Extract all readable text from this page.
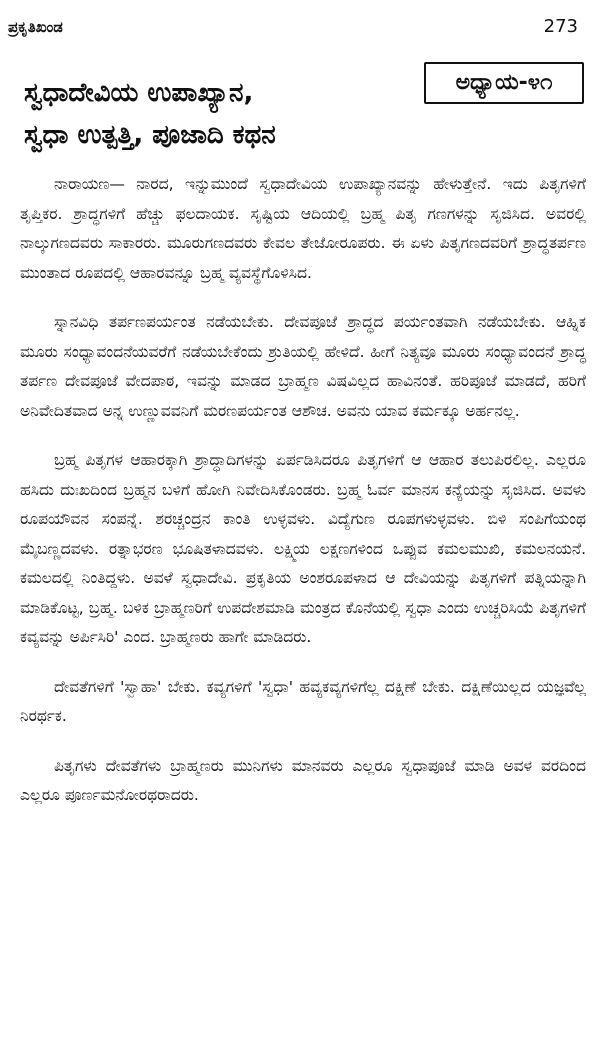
ಪ್ರಕೃತಿಖಂಡ	273
ಸ್ವಧಾದೇವಿಯ ಉಪಾಖ್ಯಾನ,
ಸ್ವಧಾ ಉತ್ಪತ್ತಿ, ಪೂಜಾದಿ ಕಥನ
ಅಧ್ಯಾಯ-೪೧

ನಾರಾಯಣ— ನಾರದ, ಇನ್ನುಮುಂದೆ ಸ್ವಧಾದೇವಿಯ ಉಪಾಖ್ಯಾನವನ್ನು ಹೇಳುತ್ತೇನೆ. ಇದು ಪಿತೃಗಳಿಗೆ ತೃಪ್ತಿಕರ. ಶ್ರಾದ್ಧಗಳಿಗೆ ಹೆಚ್ಚು ಫಲದಾಯಕ. ಸೃಷ್ಟಿಯ ಆದಿಯಲ್ಲಿ ಬ್ರಹ್ಮ ಪಿತೃ ಗಣಗಳನ್ನು ಸೃಜಿಸಿದ. ಅವರಲ್ಲಿ ನಾಲ್ಕುಗಣದವರು ಸಾಕಾರರು. ಮೂರುಗಣದವರು ಕೇವಲ ತೇಜೋರೂಪರು. ಈ ಏಳು ಪಿತೃಗಣದವರಿಗೆ ಶ್ರಾದ್ಧತರ್ಪಣ ಮುಂತಾದ ರೂಪದಲ್ಲಿ ಆಹಾರವನ್ನೂ ಬ್ರಹ್ಮ ವ್ಯವಸ್ಥೆಗೊಳಿಸಿದ.

ಸ್ನಾನವಿಧಿ ತರ್ಪಣಪರ್ಯಂತ ನಡೆಯಬೇಕು. ದೇವಪೂಜೆ ಶ್ರಾದ್ಧದ ಪರ್ಯಂತವಾಗಿ ನಡೆಯಬೇಕು. ಆಹ್ನಿಕ ಮೂರು ಸಂಧ್ಯಾವಂದನೆಯವರೆಗೆ ನಡೆಯಬೇಕೆಂದು ಶ್ರುತಿಯಲ್ಲಿ ಹೇಳಿದೆ. ಹೀಗೆ ನಿತ್ಯವೂ ಮೂರು ಸಂಧ್ಯಾವಂದನೆ ಶ್ರಾದ್ಧ ತರ್ಪಣ ದೇವಪೂಜೆ ವೇದಪಾಠ, ಇವನ್ನು ಮಾಡದ ಬ್ರಾಹ್ಮಣ ವಿಷವಿಲ್ಲದ ಹಾವಿನಂತೆ. ಹರಿಪೂಜೆ ಮಾಡದೆ, ಹರಿಗೆ ಅನಿವೇದಿತವಾದ ಅನ್ನ ಉಣ್ಣುವವನಿಗೆ ಮರಣಪರ್ಯಂತ ಆಶೌಚ. ಅವನು ಯಾವ ಕರ್ಮಕ್ಕೂ ಅರ್ಹನಲ್ಲ.

ಬ್ರಹ್ಮ ಪಿತೃಗಳ ಆಹಾರಕ್ಕಾಗಿ ಶ್ರಾದ್ಧಾದಿಗಳನ್ನು ಏರ್ಪಡಿಸಿದರೂ ಪಿತೃಗಳಿಗೆ ಆ ಆಹಾರ ತಲುಪಿರಲಿಲ್ಲ. ಎಲ್ಲರೂ ಹಸಿದು ದುಃಖದಿಂದ ಬ್ರಹ್ಮನ ಬಳಿಗೆ ಹೋಗಿ ನಿವೇದಿಸಿಕೊಂಡರು. ಬ್ರಹ್ಮ ಓರ್ವ ಮಾನಸ ಕನ್ಯೆಯನ್ನು ಸೃಜಿಸಿದ. ಅವಳು ರೂಪಯೌವನ ಸಂಪನ್ನೆ. ಶರಚ್ಚಂದ್ರನ ಕಾಂತಿ ಉಳ್ಳವಳು. ವಿದ್ಯೆಗುಣ ರೂಪಗಳುಳ್ಳವಳು. ಬಿಳಿ ಸಂಪಿಗೆಯಂಥ ಮೈಬಣ್ಣದವಳು. ರತ್ನಾಭರಣ ಭೂಷಿತಳಾದವಳು. ಲಕ್ಷ್ಮಿಯ ಲಕ್ಷಣಗಳಿಂದ ಒಪ್ಪುವ ಕಮಲಮುಖಿ, ಕಮಲನಯನೆ. ಕಮಲದಲ್ಲಿ ನಿಂತಿದ್ದಳು. ಅವಳೆ ಸ್ವಧಾದೇವಿ. ಪ್ರಕೃತಿಯ ಅಂಶರೂಪಳಾದ ಆ ದೇವಿಯನ್ನು ಪಿತೃಗಳಿಗೆ ಪತ್ನಿಯನ್ನಾಗಿ ಮಾಡಿಕೊಟ್ಟ, ಬ್ರಹ್ಮ. ಬಳಿಕ ಬ್ರಾಹ್ಮಣರಿಗೆ ಉಪದೇಶಮಾಡಿ ಮಂತ್ರದ ಕೊನೆಯಲ್ಲಿ ಸ್ವಧಾ ಎಂದು ಉಚ್ಚರಿಸಿಯೆ ಪಿತೃಗಳಿಗೆ ಕವ್ಯವನ್ನು ಅರ್ಪಿಸಿರಿ' ಎಂದ. ಬ್ರಾಹ್ಮಣರು ಹಾಗೇ ಮಾಡಿದರು.

ದೇವತೆಗಳಿಗೆ 'ಸ್ವಾಹಾ' ಬೇಕು. ಕವ್ಯಗಳಿಗೆ 'ಸ್ವಧಾ' ಹವ್ಯಕವ್ಯಗಳಿಗೆಲ್ಲ ದಕ್ಷಿಣೆ ಬೇಕು. ದಕ್ಷಿಣೆಯಿಲ್ಲದ ಯಜ್ಞವೆಲ್ಲ ನಿರರ್ಥಕ.

ಪಿತೃಗಳು ದೇವತೆಗಳು ಬ್ರಾಹ್ಮಣರು ಮುನಿಗಳು ಮಾನವರು ಎಲ್ಲರೂ ಸ್ವಧಾಪೂಜೆ ಮಾಡಿ ಅವಳ ವರದಿಂದ ಎಲ್ಲರೂ ಪೂರ್ಣಮನೋರಥರಾದರು.
